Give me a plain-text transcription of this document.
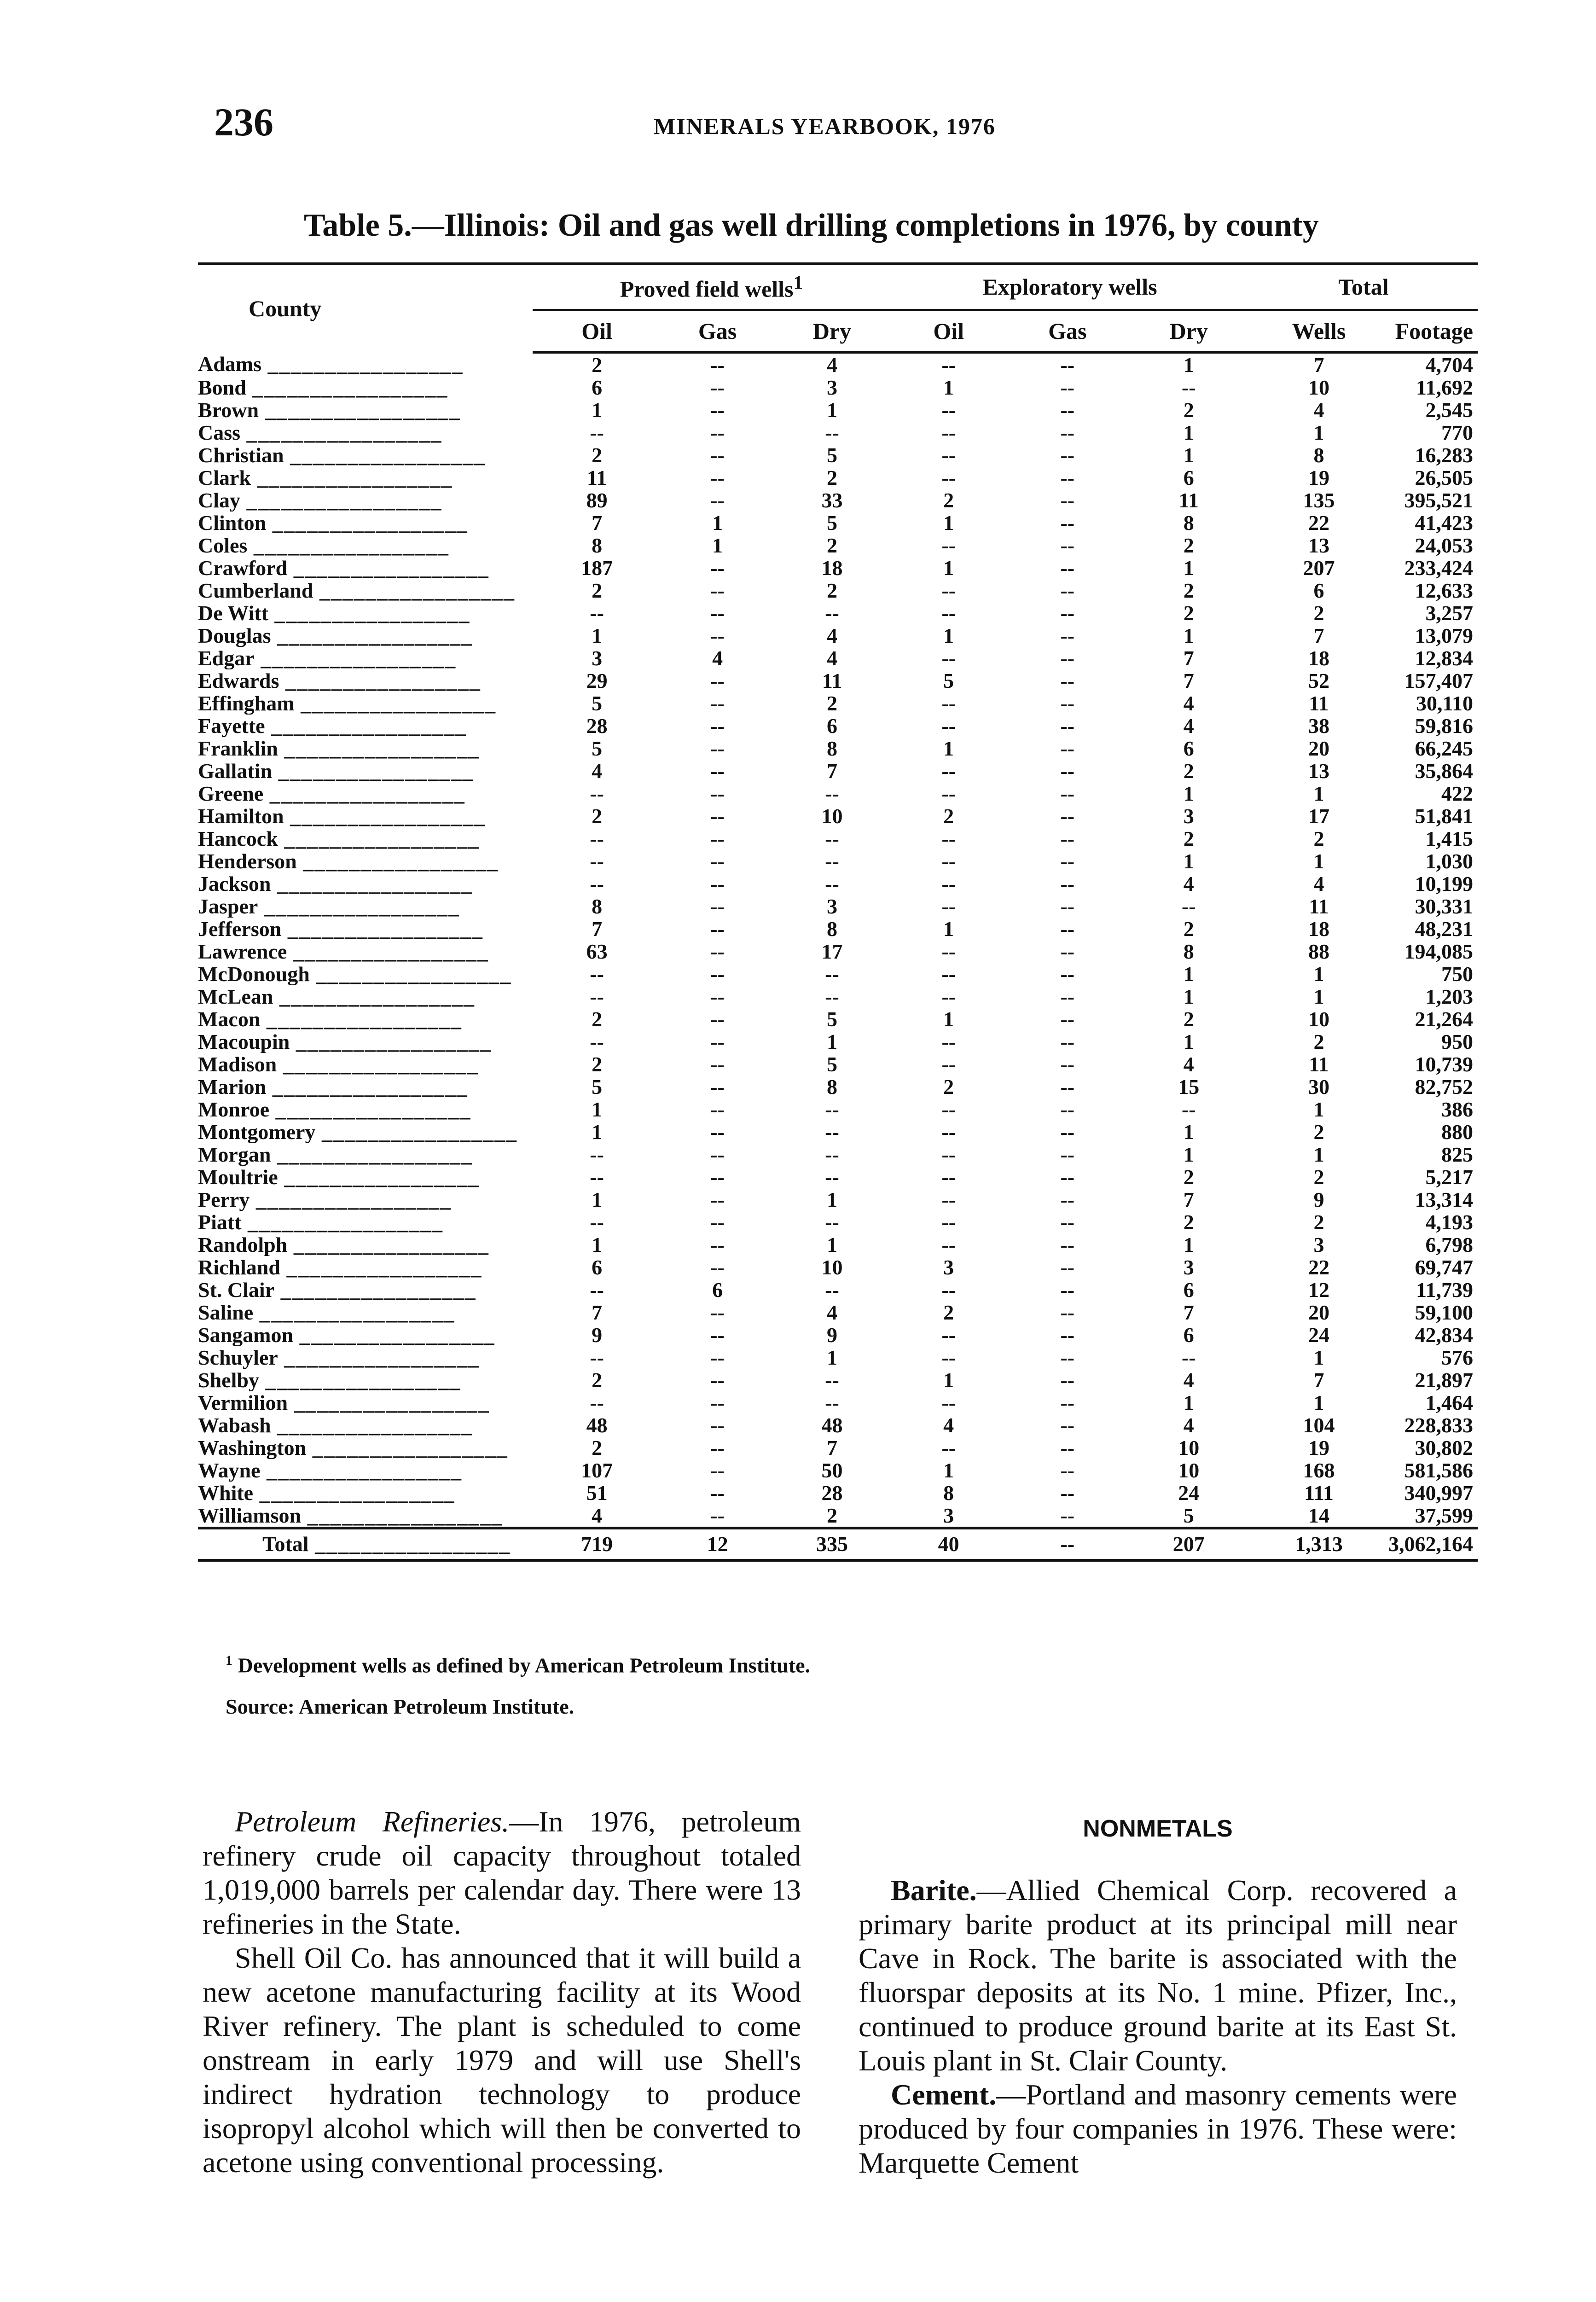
236	MINERALS YEARBOOK, 1976
Table 5.—Illinois: Oil and gas well drilling completions in 1976, by county
County	Proved field wells$^1$			Exploratory wells			Total	
	Oil	Gas	Dry	Oil	Gas	Dry	Wells	Footage
Adams _________________	2	--	4	--	--	1	7	4,704
Bond _________________	6	--	3	1	--	--	10	11,692
Brown _________________	1	--	1	--	--	2	4	2,545
Cass _________________	--	--	--	--	--	1	1	770
Christian _________________	2	--	5	--	--	1	8	16,283
Clark _________________	11	--	2	--	--	6	19	26,505
Clay _________________	89	--	33	2	--	11	135	395,521
Clinton _________________	7	1	5	1	--	8	22	41,423
Coles _________________	8	1	2	--	--	2	13	24,053
Crawford _________________	187	--	18	1	--	1	207	233,424
Cumberland _________________	2	--	2	--	--	2	6	12,633
De Witt _________________	--	--	--	--	--	2	2	3,257
Douglas _________________	1	--	4	1	--	1	7	13,079
Edgar _________________	3	4	4	--	--	7	18	12,834
Edwards _________________	29	--	11	5	--	7	52	157,407
Effingham _________________	5	--	2	--	--	4	11	30,110
Fayette _________________	28	--	6	--	--	4	38	59,816
Franklin _________________	5	--	8	1	--	6	20	66,245
Gallatin _________________	4	--	7	--	--	2	13	35,864
Greene _________________	--	--	--	--	--	1	1	422
Hamilton _________________	2	--	10	2	--	3	17	51,841
Hancock _________________	--	--	--	--	--	2	2	1,415
Henderson _________________	--	--	--	--	--	1	1	1,030
Jackson _________________	--	--	--	--	--	4	4	10,199
Jasper _________________	8	--	3	--	--	--	11	30,331
Jefferson _________________	7	--	8	1	--	2	18	48,231
Lawrence _________________	63	--	17	--	--	8	88	194,085
McDonough _________________	--	--	--	--	--	1	1	750
McLean _________________	--	--	--	--	--	1	1	1,203
Macon _________________	2	--	5	1	--	2	10	21,264
Macoupin _________________	--	--	1	--	--	1	2	950
Madison _________________	2	--	5	--	--	4	11	10,739
Marion _________________	5	--	8	2	--	15	30	82,752
Monroe _________________	1	--	--	--	--	--	1	386
Montgomery _________________	1	--	--	--	--	1	2	880
Morgan _________________	--	--	--	--	--	1	1	825
Moultrie _________________	--	--	--	--	--	2	2	5,217
Perry _________________	1	--	1	--	--	7	9	13,314
Piatt _________________	--	--	--	--	--	2	2	4,193
Randolph _________________	1	--	1	--	--	1	3	6,798
Richland _________________	6	--	10	3	--	3	22	69,747
St. Clair _________________	--	6	--	--	--	6	12	11,739
Saline _________________	7	--	4	2	--	7	20	59,100
Sangamon _________________	9	--	9	--	--	6	24	42,834
Schuyler _________________	--	--	1	--	--	--	1	576
Shelby _________________	2	--	--	1	--	4	7	21,897
Vermilion _________________	--	--	--	--	--	1	1	1,464
Wabash _________________	48	--	48	4	--	4	104	228,833
Washington _________________	2	--	7	--	--	10	19	30,802
Wayne _________________	107	--	50	1	--	10	168	581,586
White _________________	51	--	28	8	--	24	111	340,997
Williamson _________________	4	--	2	3	--	5	14	37,599
Total _________________	719	12	335	40	--	207	1,313	3,062,164
$^1$ Development wells as defined by American Petroleum Institute.
Source: American Petroleum Institute.

Petroleum Refineries.—In 1976, petroleum refinery crude oil capacity throughout totaled 1,019,000 barrels per calendar day. There were 13 refineries in the State.

Shell Oil Co. has announced that it will build a new acetone manufacturing facility at its Wood River refinery. The plant is scheduled to come onstream in early 1979 and will use Shell's indirect hydration technology to produce isopropyl alcohol which will then be converted to acetone using conventional processing.

NONMETALS

Barite.—Allied Chemical Corp. recovered a primary barite product at its principal mill near Cave in Rock. The barite is associated with the fluorspar deposits at its No. 1 mine. Pfizer, Inc., continued to produce ground barite at its East St. Louis plant in St. Clair County.

Cement.—Portland and masonry cements were produced by four companies in 1976. These were: Marquette Cement
